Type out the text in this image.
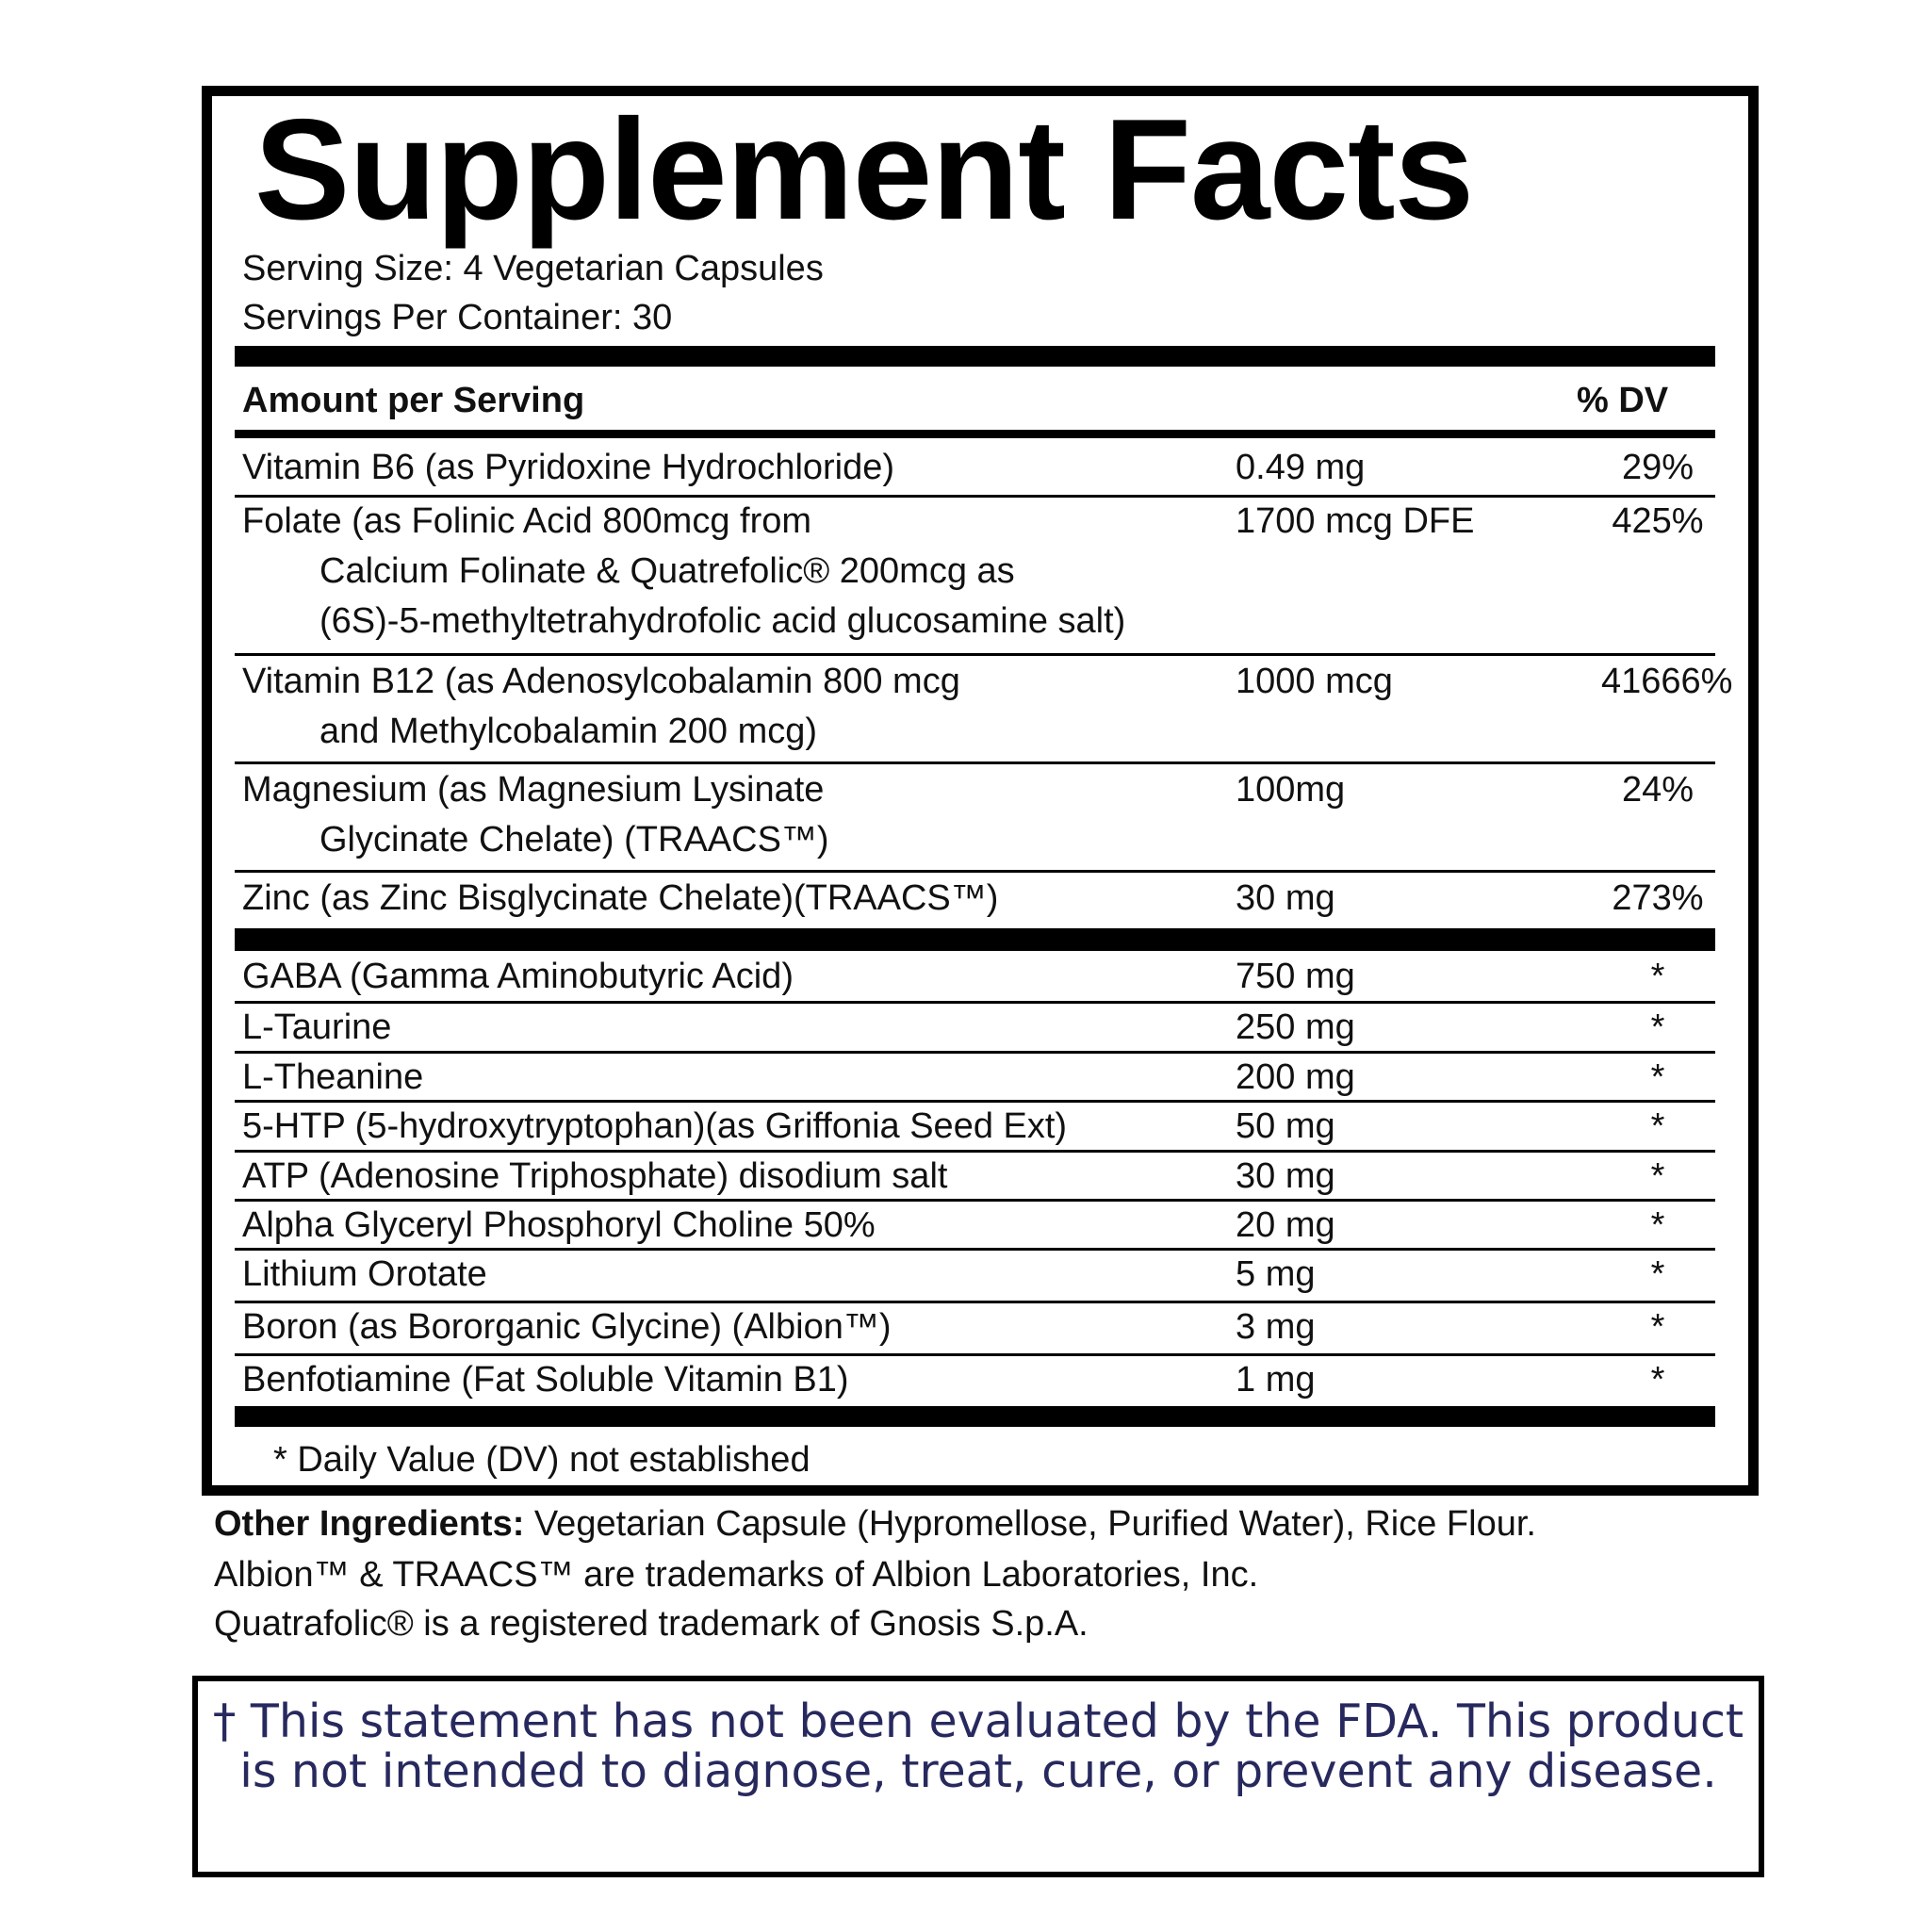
Supplement Facts
Serving Size: 4 Vegetarian Capsules
Servings Per Container: 30
Amount per Serving	% DV
Vitamin B6 (as Pyridoxine Hydrochloride)	0.49 mg	29%
Folate (as Folinic Acid 800mcg from
Calcium Folinate & Quatrefolic® 200mcg as
(6S)-5-methyltetrahydrofolic acid glucosamine salt)
1700 mcg DFE	425%
Vitamin B12 (as Adenosylcobalamin 800 mcg
and Methylcobalamin 200 mcg)
1000 mcg	41666%
Magnesium (as Magnesium Lysinate
Glycinate Chelate) (TRAACS™)
100mg	24%
Zinc (as Zinc Bisglycinate Chelate)(TRAACS™)	30 mg	273%
GABA (Gamma Aminobutyric Acid)	750 mg	*
L-Taurine	250 mg	*
L-Theanine	200 mg	*
5-HTP (5-hydroxytryptophan)(as Griffonia Seed Ext)	50 mg	*
ATP (Adenosine Triphosphate) disodium salt	30 mg	*
Alpha Glyceryl Phosphoryl Choline 50%	20 mg	*
Lithium Orotate	5 mg	*
Boron (as Bororganic Glycine) (Albion™)	3 mg	*
Benfotiamine (Fat Soluble Vitamin B1)	1 mg	*
* Daily Value (DV) not established
Other Ingredients: Vegetarian Capsule (Hypromellose, Purified Water), Rice Flour.
Albion™ & TRAACS™ are trademarks of Albion Laboratories, Inc.
Quatrafolic® is a registered trademark of Gnosis S.p.A.
† This statement has not been evaluated by the FDA. This product is not intended to diagnose, treat, cure, or prevent any disease.
